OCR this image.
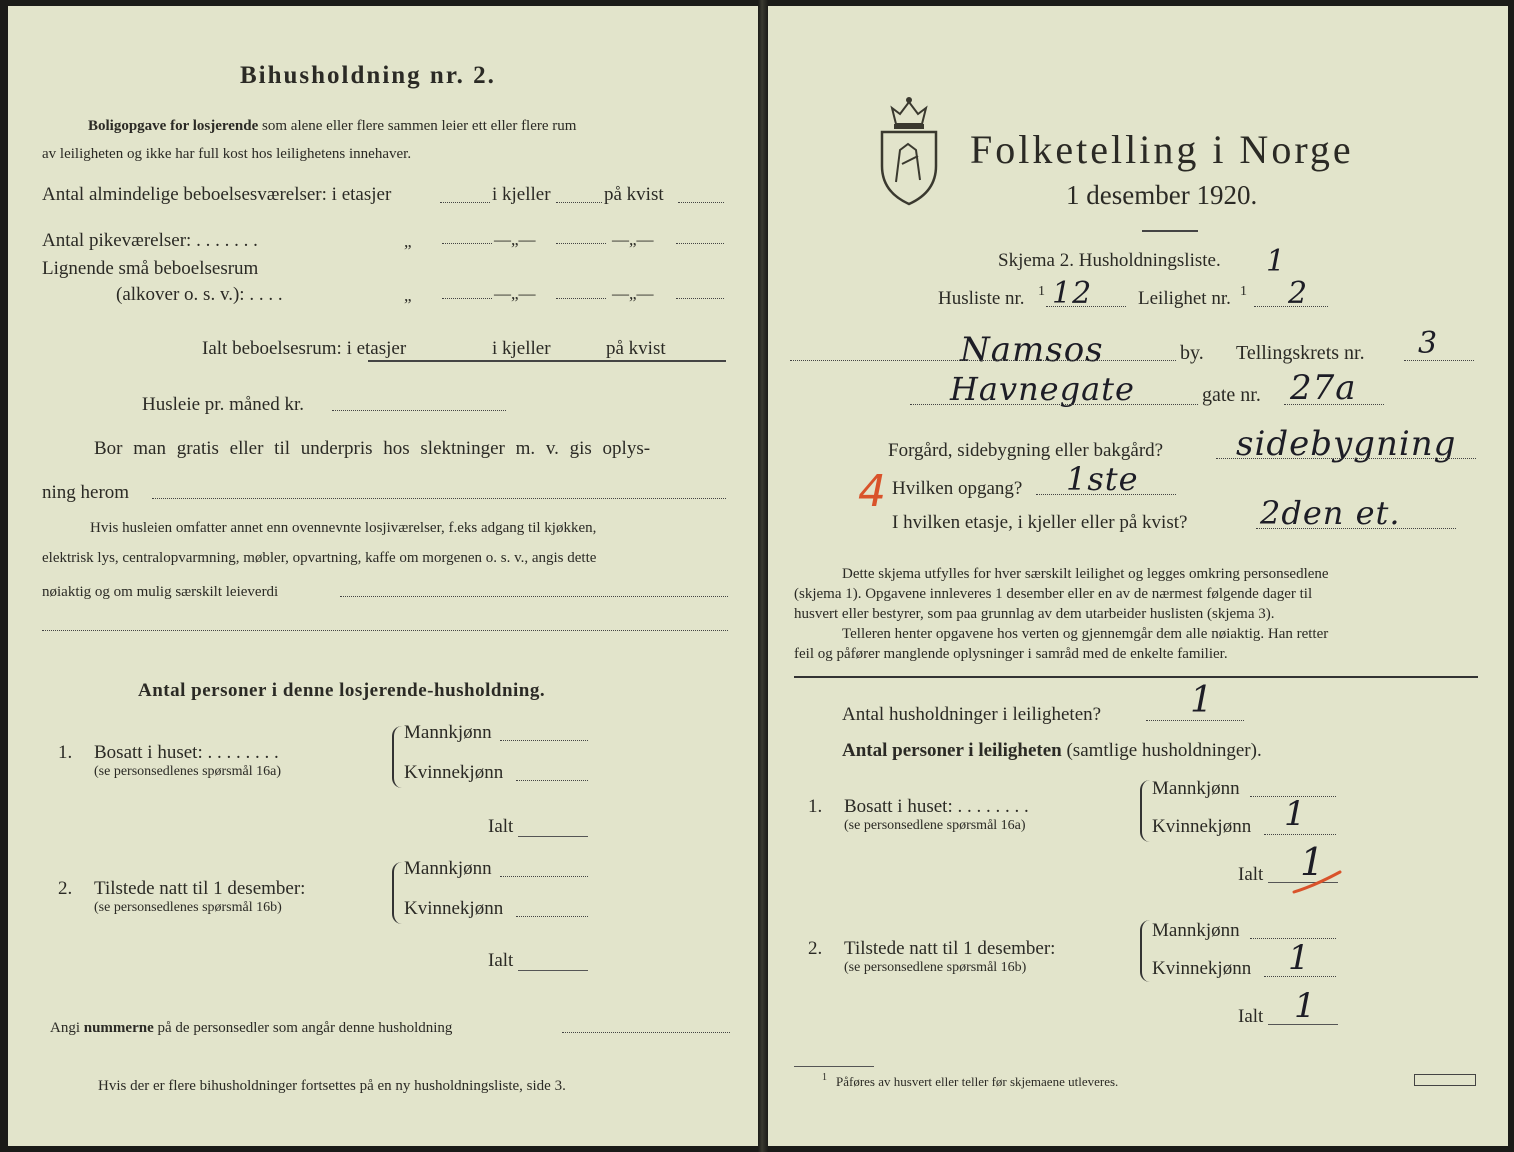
Bihusholdning nr. 2.
Boligopgave for losjerende som alene eller flere sammen leier ett eller flere rum
av leiligheten og ikke har full kost hos leilighetens innehaver.
Antal almindelige beboelsesværelser: i etasjer	i kjeller	på kvist
Antal pikeværelser: . . . . . . .	„	—„—	—„—
Lignende små beboelsesrum
(alkover o. s. v.): . . . .	„	—„—	—„—
Ialt beboelsesrum: i etasjer	i kjeller	på kvist
Husleie pr. måned kr.
Bor man gratis eller til underpris hos slektninger m. v. gis oplys-
ning herom
Hvis husleien omfatter annet enn ovennevnte losjiværelser, f.eks adgang til kjøkken,
elektrisk lys, centralopvarmning, møbler, opvartning, kaffe om morgenen o. s. v., angis dette
nøiaktig og om mulig særskilt leieverdi
Antal personer i denne losjerende-husholdning.
1. Bosatt i huset: . . . . . . . .
(se personsedlenes spørsmål 16a)
Mannkjønn
Kvinnekjønn
Ialt
2. Tilstede natt til 1 desember:
(se personsedlenes spørsmål 16b)
Mannkjønn
Kvinnekjønn
Ialt
Angi nummerne på de personsedler som angår denne husholdning
Hvis der er flere bihusholdninger fortsettes på en ny husholdningsliste, side 3.
Folketelling i Norge
1 desember 1920.
Skjema 2. Husholdningsliste. 1
Husliste nr. 1 12 Leilighet nr. 1 2
Namsos	by. Tellingskrets nr. 3
Havnegate	gate nr. 27a
Forgård, sidebygning eller bakgård? sidebygning
4 Hvilken opgang? 1ste
I hvilken etasje, i kjeller eller på kvist? 2den et.
Dette skjema utfylles for hver særskilt leilighet og legges omkring personsedlene
(skjema 1). Opgavene innleveres 1 desember eller en av de nærmest følgende dager til
husvert eller bestyrer, som paa grunnlag av dem utarbeider huslisten (skjema 3).
Telleren henter opgavene hos verten og gjennemgår dem alle nøiaktig. Han retter
feil og påfører manglende oplysninger i samråd med de enkelte familier.
Antal husholdninger i leiligheten? 1
Antal personer i leiligheten (samtlige husholdninger).
1. Bosatt i huset: . . . . . . . .
(se personsedlene spørsmål 16a)
Mannkjønn
Kvinnekjønn 1
Ialt 1
2. Tilstede natt til 1 desember:
(se personsedlene spørsmål 16b)
Mannkjønn
Kvinnekjønn 1
Ialt 1
1 Påføres av husvert eller teller før skjemaene utleveres.
